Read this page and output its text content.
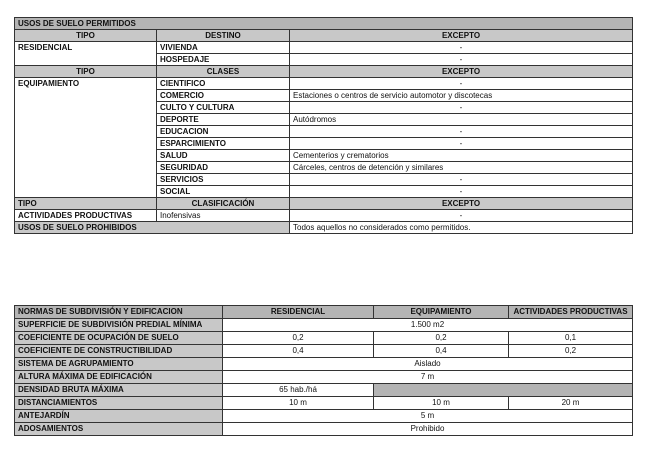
USOS DE SUELO PERMITIDOS		
TIPO	DESTINO	EXCEPTO
RESIDENCIAL	VIVIENDA	-
	HOSPEDAJE	-
TIPO	CLASES	EXCEPTO
EQUIPAMIENTO	CIENTIFICO	-
	COMERCIO	Estaciones o centros de servicio automotor y discotecas
	CULTO Y CULTURA	-
	DEPORTE	Autódromos
	EDUCACION	-
	ESPARCIMIENTO	-
	SALUD	Cementerios y crematorios
	SEGURIDAD	Cárceles, centros de detención y similares
	SERVICIOS	-
	SOCIAL	-
TIPO	CLASIFICACIÓN	EXCEPTO
ACTIVIDADES PRODUCTIVAS	Inofensivas	-
USOS DE SUELO PROHIBIDOS		Todos aquellos no considerados como permitidos.
NORMAS DE SUBDIVISIÓN Y EDIFICACION	RESIDENCIAL	EQUIPAMIENTO	ACTIVIDADES PRODUCTIVAS
SUPERFICIE DE SUBDIVISIÓN PREDIAL MÍNIMA	1.500 m2		
COEFICIENTE DE OCUPACIÓN DE SUELO	0,2	0,2	0,1
COEFICIENTE DE CONSTRUCTIBILIDAD	0,4	0,4	0,2
SISTEMA DE AGRUPAMIENTO	Aislado		
ALTURA MÁXIMA DE EDIFICACIÓN	7 m		
DENSIDAD BRUTA MÁXIMA	65 hab./há		
DISTANCIAMIENTOS	10 m	10 m	20 m
ANTEJARDÍN	5 m		
ADOSAMIENTOS	Prohibido		
